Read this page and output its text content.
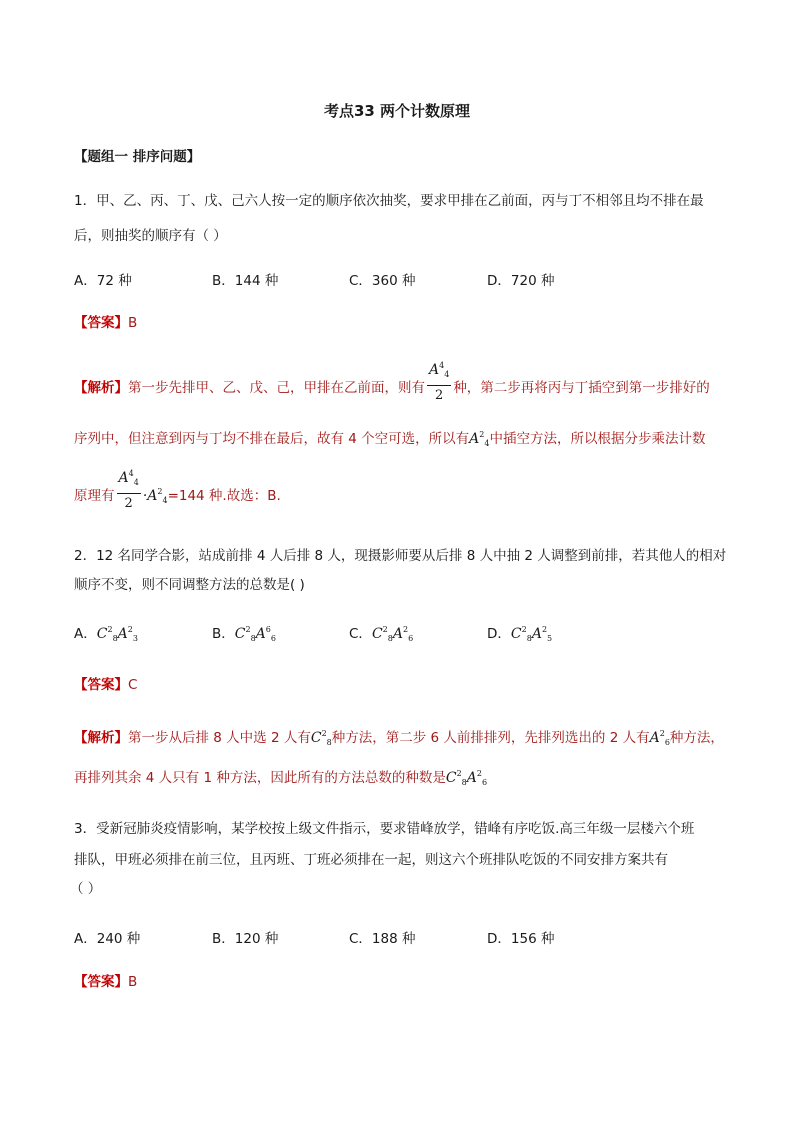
考点33 两个计数原理
【题组一 排序问题】
1．甲、乙、丙、丁、戊、己六人按一定的顺序依次抽奖，要求甲排在乙前面，丙与丁不相邻且均不排在最
后，则抽奖的顺序有（ ）
A．72 种	B．144 种	C．360 种	D．720 种
【答案】B
【解析】第一步先排甲、乙、戊、己，甲排在乙前面，则有 $\frac{A^4_4}{2}$ 种，第二步再将丙与丁插空到第一步排好的
序列中，但注意到丙与丁均不排在最后，故有 4 个空可选，所以有$A^2_4$中插空方法，所以根据分步乘法计数
原理有 $\frac{A^4_4}{2} \cdot A^2_4=144$ 种.故选：B.
2．12 名同学合影，站成前排 4 人后排 8 人，现摄影师要从后排 8 人中抽 2 人调整到前排，若其他人的相对
顺序不变，则不同调整方法的总数是( )
A．$C^2_8A^2_3$	B．$C^2_8A^6_6$	C．$C^2_8A^2_6$	D．$C^2_8A^2_5$
【答案】C
【解析】第一步从后排 8 人中选 2 人有$C^2_8$种方法，第二步 6 人前排排列，先排列选出的 2 人有$A^2_6$种方法，
再排列其余 4 人只有 1 种方法，因此所有的方法总数的种数是$C^2_8A^2_6$
3．受新冠肺炎疫情影响，某学校按上级文件指示，要求错峰放学，错峰有序吃饭.高三年级一层楼六个班
排队，甲班必须排在前三位，且丙班、丁班必须排在一起，则这六个班排队吃饭的不同安排方案共有
（ ）
A．240 种	B．120 种	C．188 种	D．156 种
【答案】B
